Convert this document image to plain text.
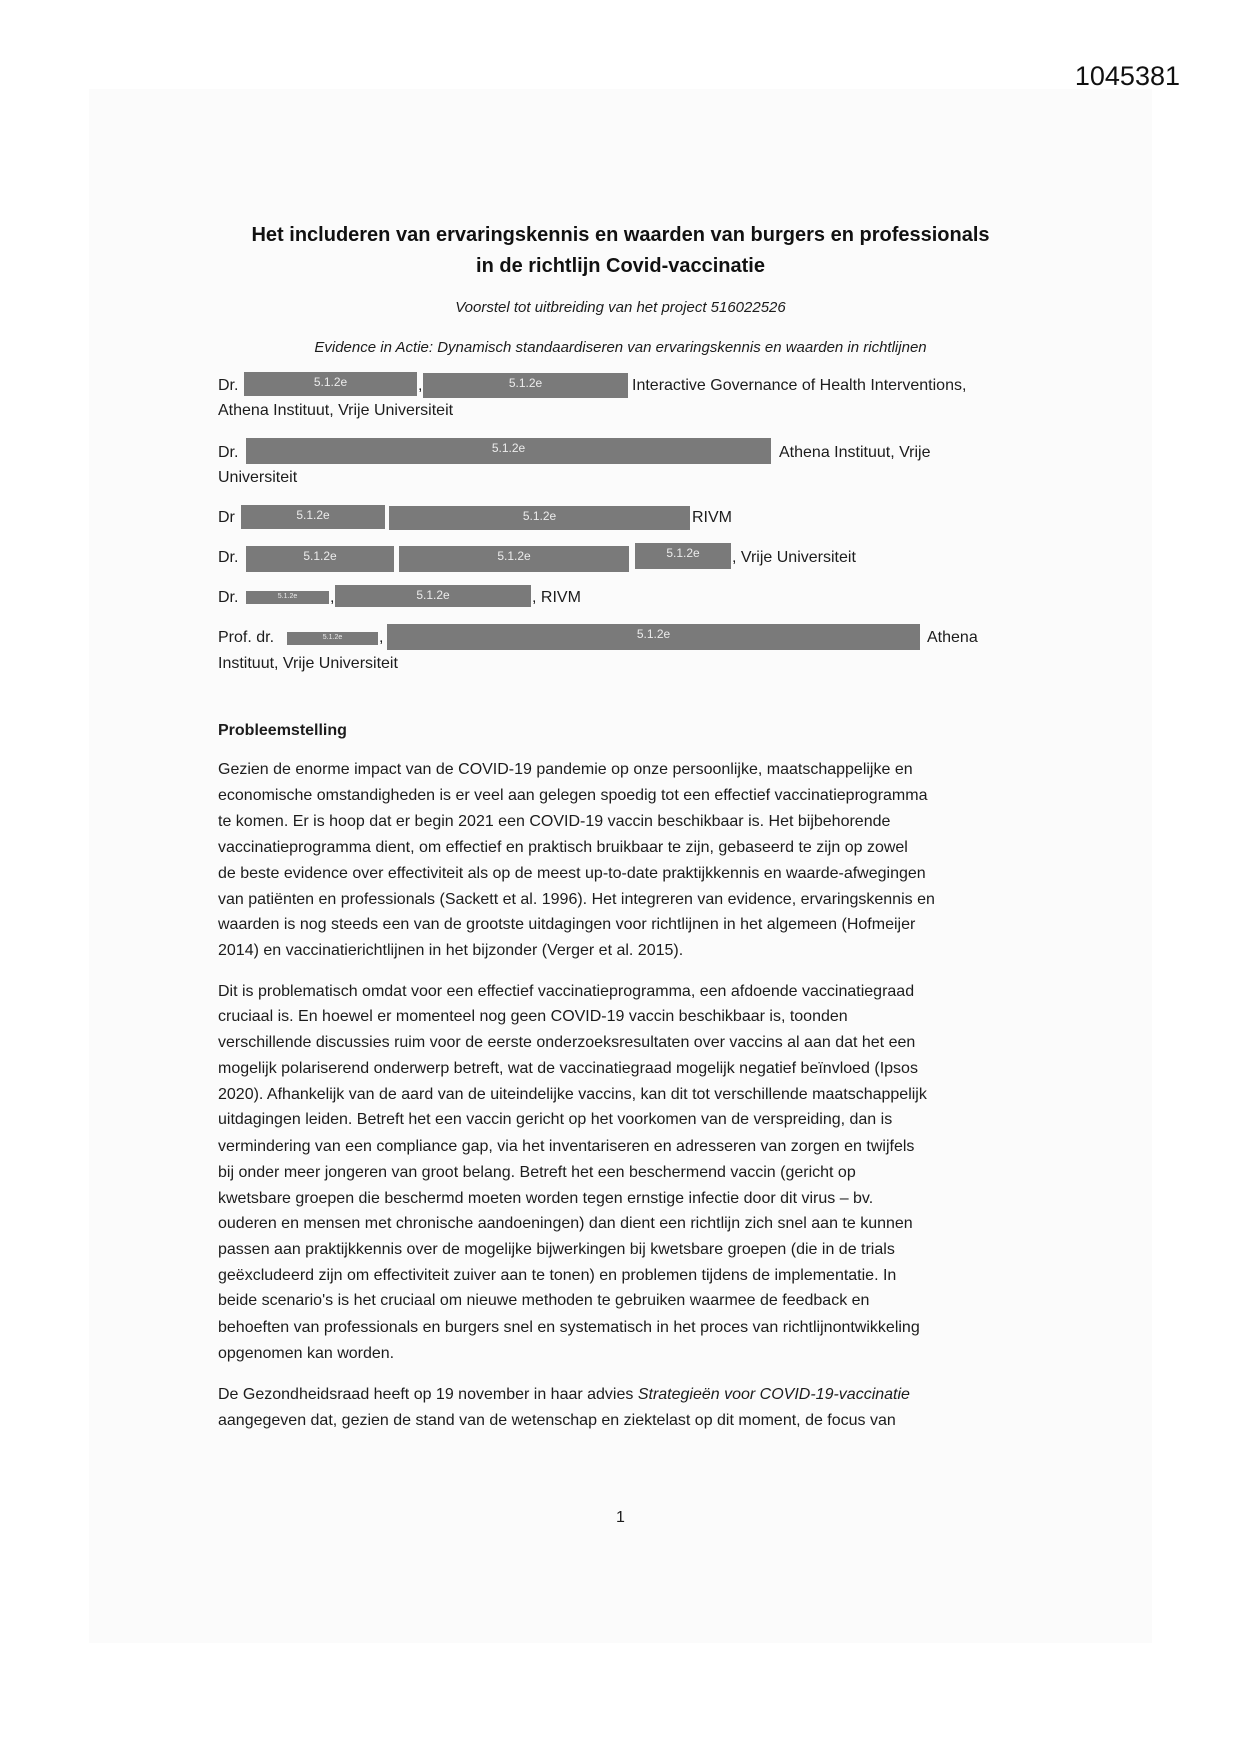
1045381
Het includeren van ervaringskennis en waarden van burgers en professionals
in de richtlijn Covid-vaccinatie
Voorstel tot uitbreiding van het project 516022526
Evidence in Actie: Dynamisch standaardiseren van ervaringskennis en waarden in richtlijnen
Dr.	5.1.2e	,	5.1.2e	Interactive Governance of Health Interventions,
Athena Instituut, Vrije Universiteit
Dr.	5.1.2e	Athena Instituut, Vrije
Universiteit
Dr	5.1.2e	5.1.2e	RIVM
Dr.	5.1.2e	5.1.2e	5.1.2e	, Vrije Universiteit
Dr.	5.1.2e	,	5.1.2e	, RIVM
Prof. dr.	5.1.2e	,	5.1.2e	Athena
Instituut, Vrije Universiteit
Probleemstelling
Gezien de enorme impact van de COVID-19 pandemie op onze persoonlijke, maatschappelijke en
economische omstandigheden is er veel aan gelegen spoedig tot een effectief vaccinatieprogramma
te komen. Er is hoop dat er begin 2021 een COVID-19 vaccin beschikbaar is. Het bijbehorende
vaccinatieprogramma dient, om effectief en praktisch bruikbaar te zijn, gebaseerd te zijn op zowel
de beste evidence over effectiviteit als op de meest up-to-date praktijkkennis en waarde-afwegingen
van patiënten en professionals (Sackett et al. 1996). Het integreren van evidence, ervaringskennis en
waarden is nog steeds een van de grootste uitdagingen voor richtlijnen in het algemeen (Hofmeijer
2014) en vaccinatierichtlijnen in het bijzonder (Verger et al. 2015).
Dit is problematisch omdat voor een effectief vaccinatieprogramma, een afdoende vaccinatiegraad
cruciaal is. En hoewel er momenteel nog geen COVID-19 vaccin beschikbaar is, toonden
verschillende discussies ruim voor de eerste onderzoeksresultaten over vaccins al aan dat het een
mogelijk polariserend onderwerp betreft, wat de vaccinatiegraad mogelijk negatief beïnvloed (Ipsos
2020). Afhankelijk van de aard van de uiteindelijke vaccins, kan dit tot verschillende maatschappelijk
uitdagingen leiden. Betreft het een vaccin gericht op het voorkomen van de verspreiding, dan is
vermindering van een compliance gap, via het inventariseren en adresseren van zorgen en twijfels
bij onder meer jongeren van groot belang. Betreft het een beschermend vaccin (gericht op
kwetsbare groepen die beschermd moeten worden tegen ernstige infectie door dit virus – bv.
ouderen en mensen met chronische aandoeningen) dan dient een richtlijn zich snel aan te kunnen
passen aan praktijkkennis over de mogelijke bijwerkingen bij kwetsbare groepen (die in de trials
geëxcludeerd zijn om effectiviteit zuiver aan te tonen) en problemen tijdens de implementatie. In
beide scenario's is het cruciaal om nieuwe methoden te gebruiken waarmee de feedback en
behoeften van professionals en burgers snel en systematisch in het proces van richtlijnontwikkeling
opgenomen kan worden.
De Gezondheidsraad heeft op 19 november in haar advies Strategieën voor COVID-19-vaccinatie
aangegeven dat, gezien de stand van de wetenschap en ziektelast op dit moment, de focus van
1
